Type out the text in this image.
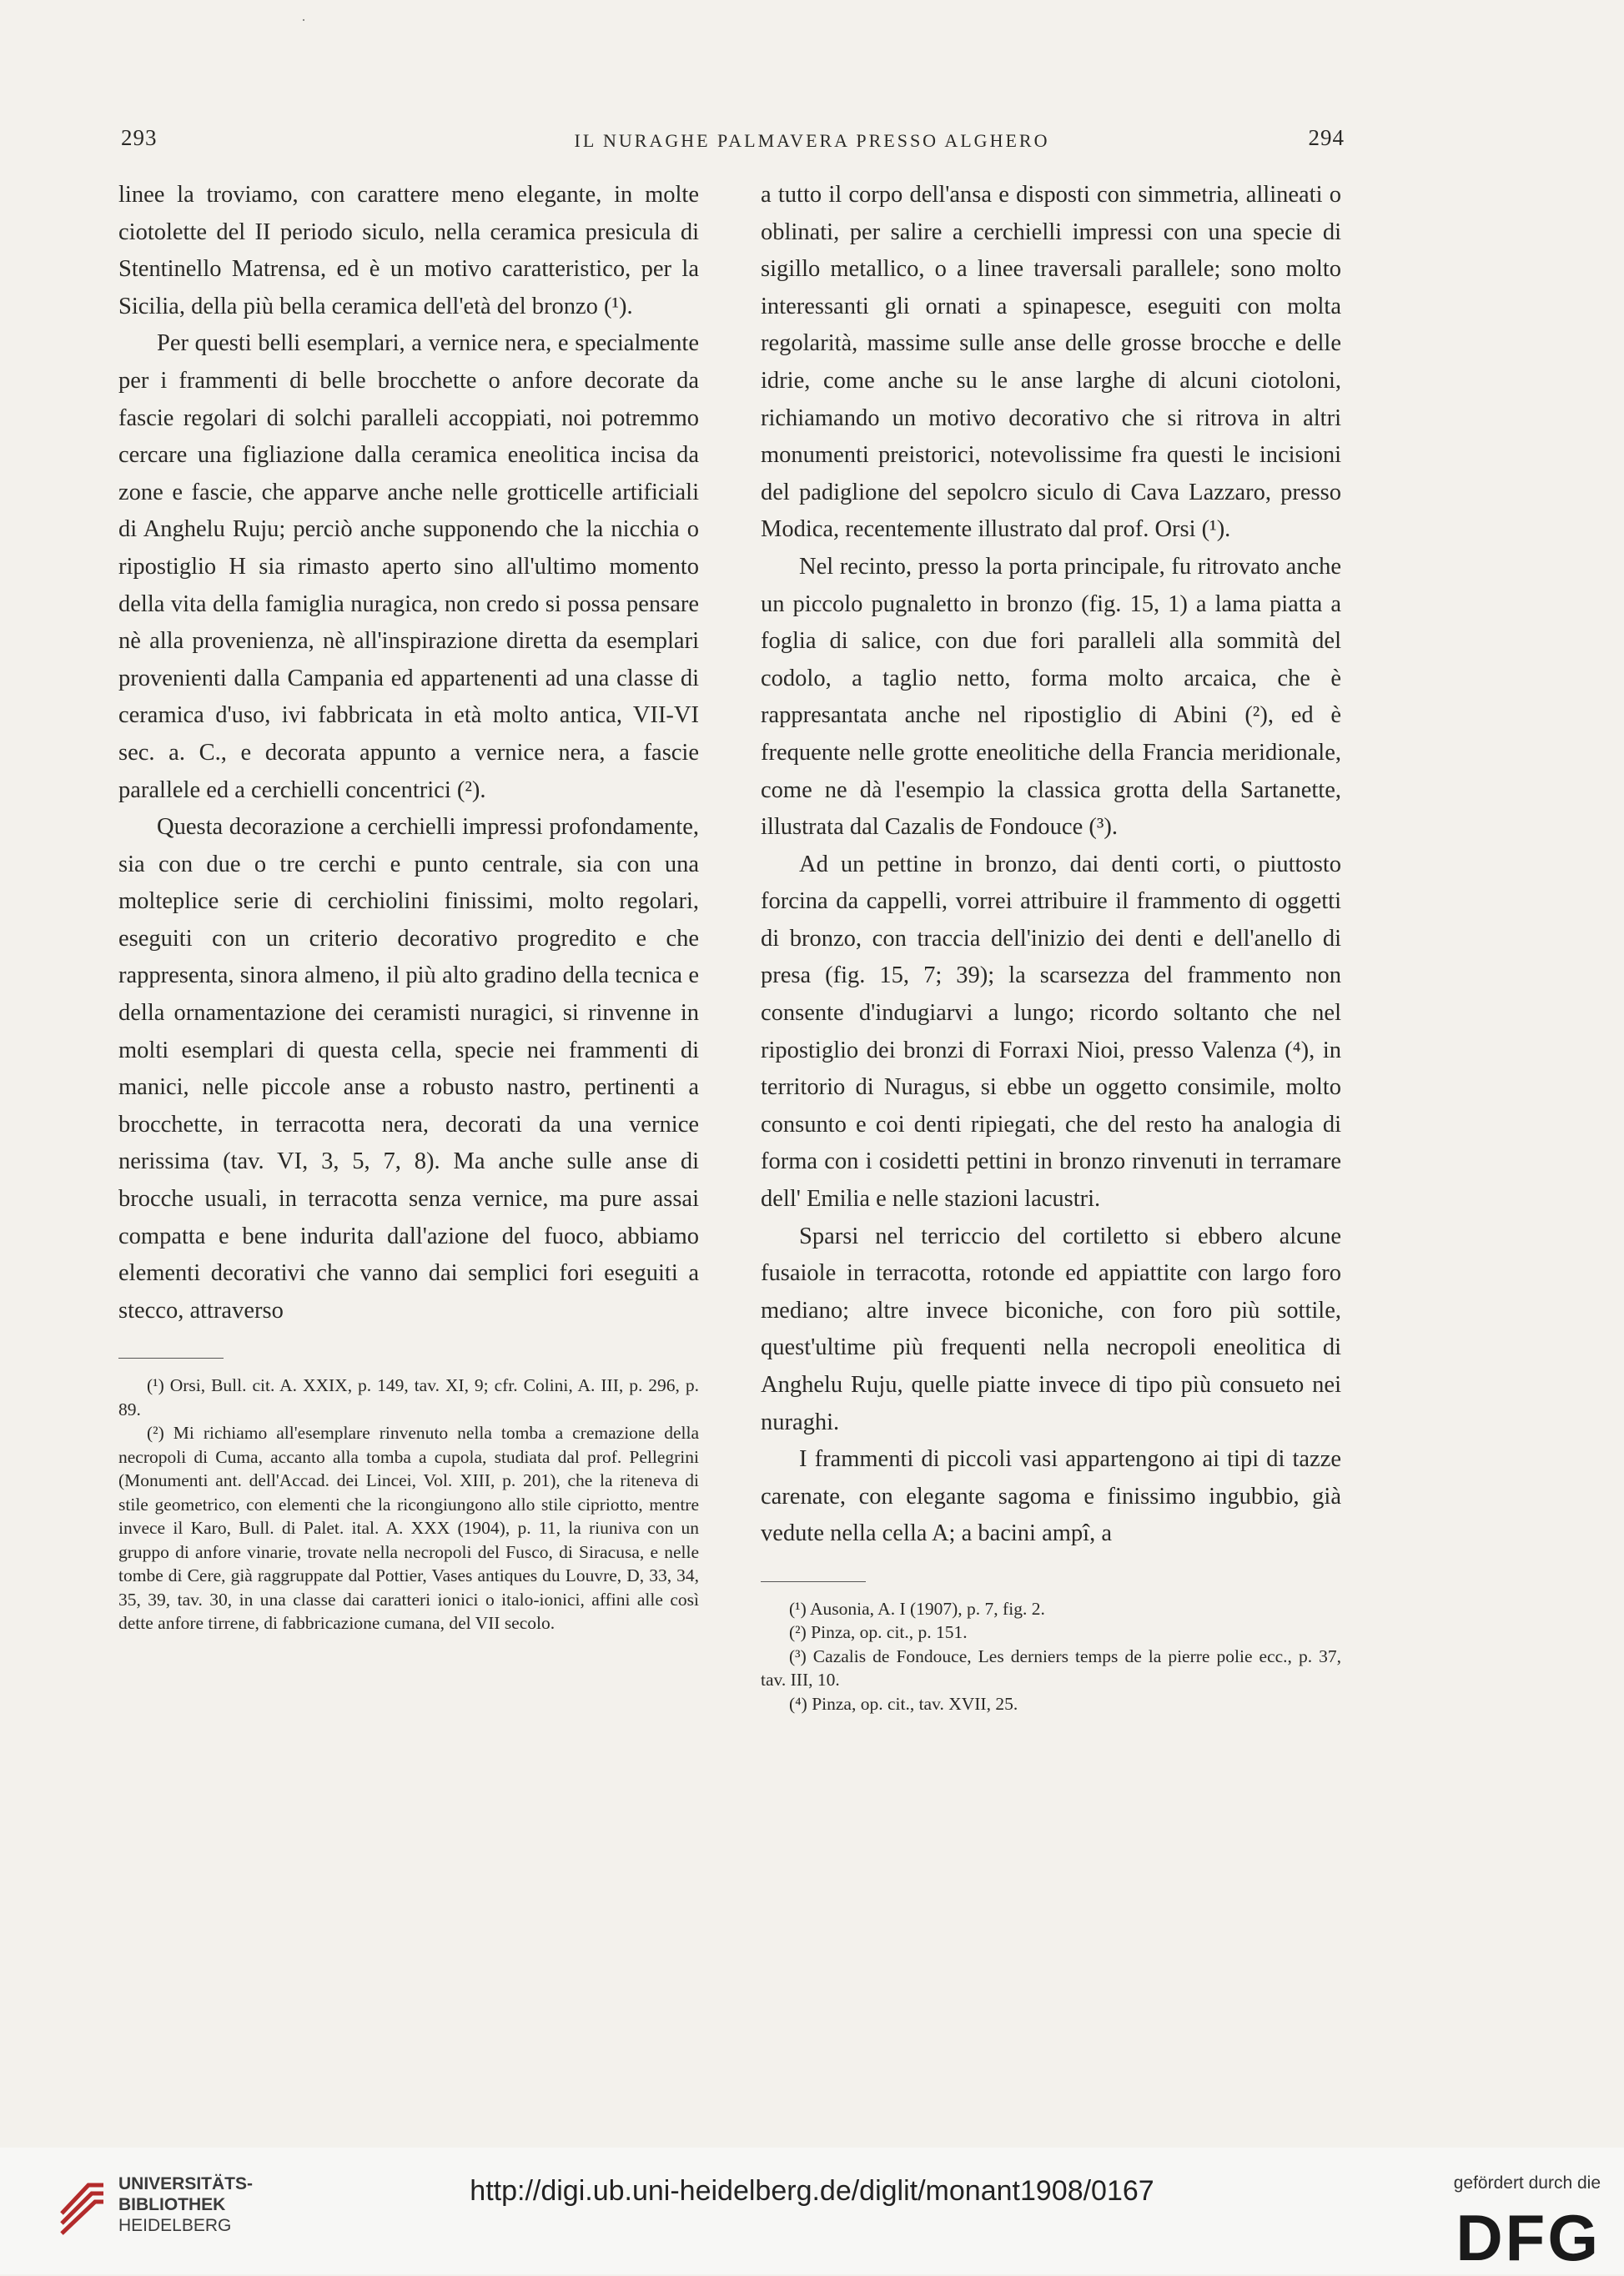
·
293	IL NURAGHE PALMAVERA PRESSO ALGHERO	294

linee la troviamo, con carattere meno elegante, in molte ciotolette del II periodo siculo, nella ceramica presicula di Stentinello Matrensa, ed è un motivo caratteristico, per la Sicilia, della più bella ceramica dell'età del bronzo (¹).

Per questi belli esemplari, a vernice nera, e specialmente per i frammenti di belle brocchette o anfore decorate da fascie regolari di solchi paralleli accoppiati, noi potremmo cercare una figliazione dalla ceramica eneolitica incisa da zone e fascie, che apparve anche nelle grotticelle artificiali di Anghelu Ruju; perciò anche supponendo che la nicchia o ripostiglio H sia rimasto aperto sino all'ultimo momento della vita della famiglia nuragica, non credo si possa pensare nè alla provenienza, nè all'inspirazione diretta da esemplari provenienti dalla Campania ed appartenenti ad una classe di ceramica d'uso, ivi fabbricata in età molto antica, VII-VI sec. a. C., e decorata appunto a vernice nera, a fascie parallele ed a cerchielli concentrici (²).

Questa decorazione a cerchielli impressi profondamente, sia con due o tre cerchi e punto centrale, sia con una molteplice serie di cerchiolini finissimi, molto regolari, eseguiti con un criterio decorativo progredito e che rappresenta, sinora almeno, il più alto gradino della tecnica e della ornamentazione dei ceramisti nuragici, si rinvenne in molti esemplari di questa cella, specie nei frammenti di manici, nelle piccole anse a robusto nastro, pertinenti a brocchette, in terracotta nera, decorati da una vernice nerissima (tav. VI, 3, 5, 7, 8). Ma anche sulle anse di brocche usuali, in terracotta senza vernice, ma pure assai compatta e bene indurita dall'azione del fuoco, abbiamo elementi decorativi che vanno dai semplici fori eseguiti a stecco, attraverso

(¹) Orsi, Bull. cit. A. XXIX, p. 149, tav. XI, 9; cfr. Colini, A. III, p. 296, p. 89.

(²) Mi richiamo all'esemplare rinvenuto nella tomba a cremazione della necropoli di Cuma, accanto alla tomba a cupola, studiata dal prof. Pellegrini (Monumenti ant. dell'Accad. dei Lincei, Vol. XIII, p. 201), che la riteneva di stile geometrico, con elementi che la ricongiungono allo stile cipriotto, mentre invece il Karo, Bull. di Palet. ital. A. XXX (1904), p. 11, la riuniva con un gruppo di anfore vinarie, trovate nella necropoli del Fusco, di Siracusa, e nelle tombe di Cere, già raggruppate dal Pottier, Vases antiques du Louvre, D, 33, 34, 35, 39, tav. 30, in una classe dai caratteri ionici o italo-ionici, affini alle così dette anfore tirrene, di fabbricazione cumana, del VII secolo.

a tutto il corpo dell'ansa e disposti con simmetria, allineati o oblinati, per salire a cerchielli impressi con una specie di sigillo metallico, o a linee traversali parallele; sono molto interessanti gli ornati a spinapesce, eseguiti con molta regolarità, massime sulle anse delle grosse brocche e delle idrie, come anche su le anse larghe di alcuni ciotoloni, richiamando un motivo decorativo che si ritrova in altri monumenti preistorici, notevolissime fra questi le incisioni del padiglione del sepolcro siculo di Cava Lazzaro, presso Modica, recentemente illustrato dal prof. Orsi (¹).

Nel recinto, presso la porta principale, fu ritrovato anche un piccolo pugnaletto in bronzo (fig. 15, 1) a lama piatta a foglia di salice, con due fori paralleli alla sommità del codolo, a taglio netto, forma molto arcaica, che è rappresantata anche nel ripostiglio di Abini (²), ed è frequente nelle grotte eneolitiche della Francia meridionale, come ne dà l'esempio la classica grotta della Sartanette, illustrata dal Cazalis de Fondouce (³).

Ad un pettine in bronzo, dai denti corti, o piuttosto forcina da cappelli, vorrei attribuire il frammento di oggetti di bronzo, con traccia dell'inizio dei denti e dell'anello di presa (fig. 15, 7; 39); la scarsezza del frammento non consente d'indugiarvi a lungo; ricordo soltanto che nel ripostiglio dei bronzi di Forraxi Nioi, presso Valenza (⁴), in territorio di Nuragus, si ebbe un oggetto consimile, molto consunto e coi denti ripiegati, che del resto ha analogia di forma con i cosidetti pettini in bronzo rinvenuti in terramare dell' Emilia e nelle stazioni lacustri.

Sparsi nel terriccio del cortiletto si ebbero alcune fusaiole in terracotta, rotonde ed appiattite con largo foro mediano; altre invece biconiche, con foro più sottile, quest'ultime più frequenti nella necropoli eneolitica di Anghelu Ruju, quelle piatte invece di tipo più consueto nei nuraghi.

I frammenti di piccoli vasi appartengono ai tipi di tazze carenate, con elegante sagoma e finissimo ingubbio, già vedute nella cella A; a bacini ampî, a

(¹) Ausonia, A. I (1907), p. 7, fig. 2.

(²) Pinza, op. cit., p. 151.

(³) Cazalis de Fondouce, Les derniers temps de la pierre polie ecc., p. 37, tav. III, 10.

(⁴) Pinza, op. cit., tav. XVII, 25.

UNIVERSITÄTS-
BIBLIOTHEK
HEIDELBERG
http://digi.ub.uni-heidelberg.de/diglit/monant1908/0167	gefördert durch die
DFG
